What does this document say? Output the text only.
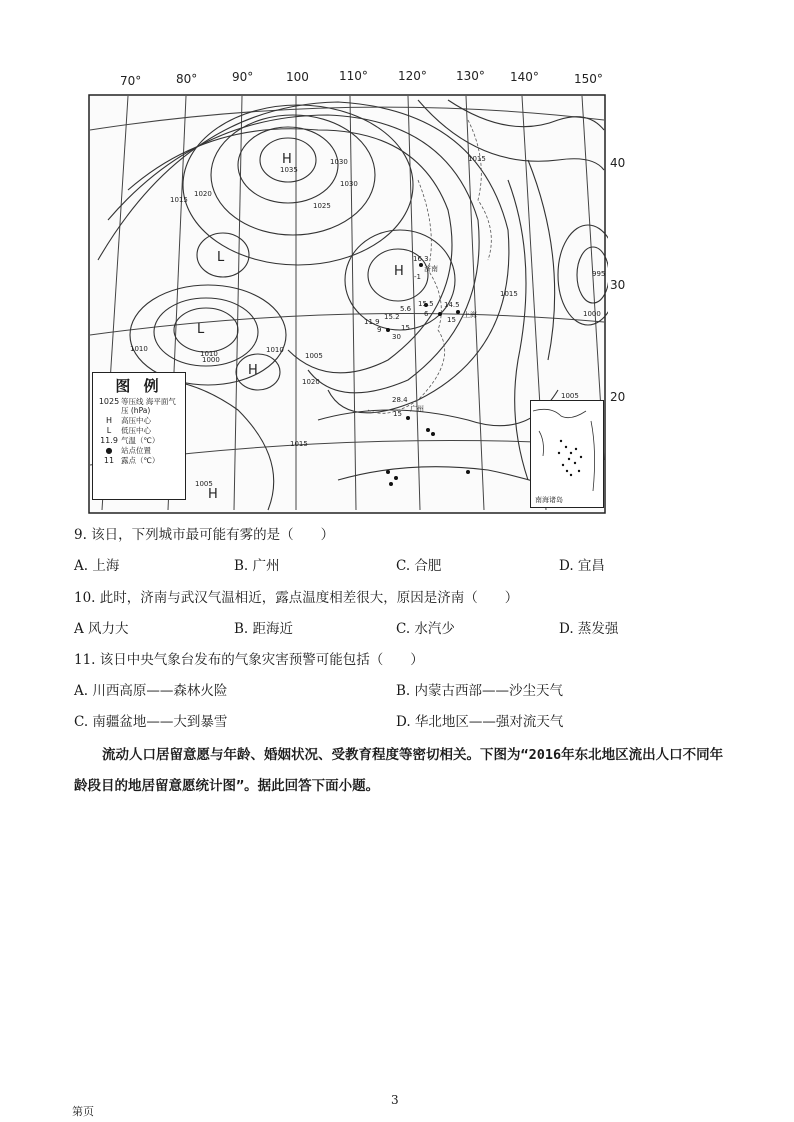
70°	80°	90°	100	110°	120° 130° 140°	150°
40
30
20
H
L
H
L
H
H
1035
1030
1025
1020
1015
1015
1010	1010
1005
1015
1005
1000
1005
1015
1020
1010
1000
995
1030
16.3
-1
济南
15.5
6
14.5
上海
15
11.9
15.2
15
30
28.4
15
广州
9
5.6
图 例
1025 等压线 海平面气压 (hPa)
H	高压中心
L	低压中心
11.9 气温（℃）
●	站点位置
11 露点（℃）
南海诸岛
9. 该日，下列城市最可能有雾的是（　　）
A. 上海	B. 广州	C. 合肥	D. 宜昌
10. 此时，济南与武汉气温相近，露点温度相差很大，原因是济南（　　）
A 风力大	B. 距海近	C. 水汽少	D. 蒸发强
11. 该日中央气象台发布的气象灾害预警可能包括（　　）
A. 川西高原——森林火险	B. 内蒙古西部——沙尘天气
C. 南疆盆地——大到暴雪	D. 华北地区——强对流天气
流动人口居留意愿与年龄、婚姻状况、受教育程度等密切相关。下图为“2016年东北地区流出人口不同年龄段目的地居留意愿统计图”。据此回答下面小题。
3
第页
